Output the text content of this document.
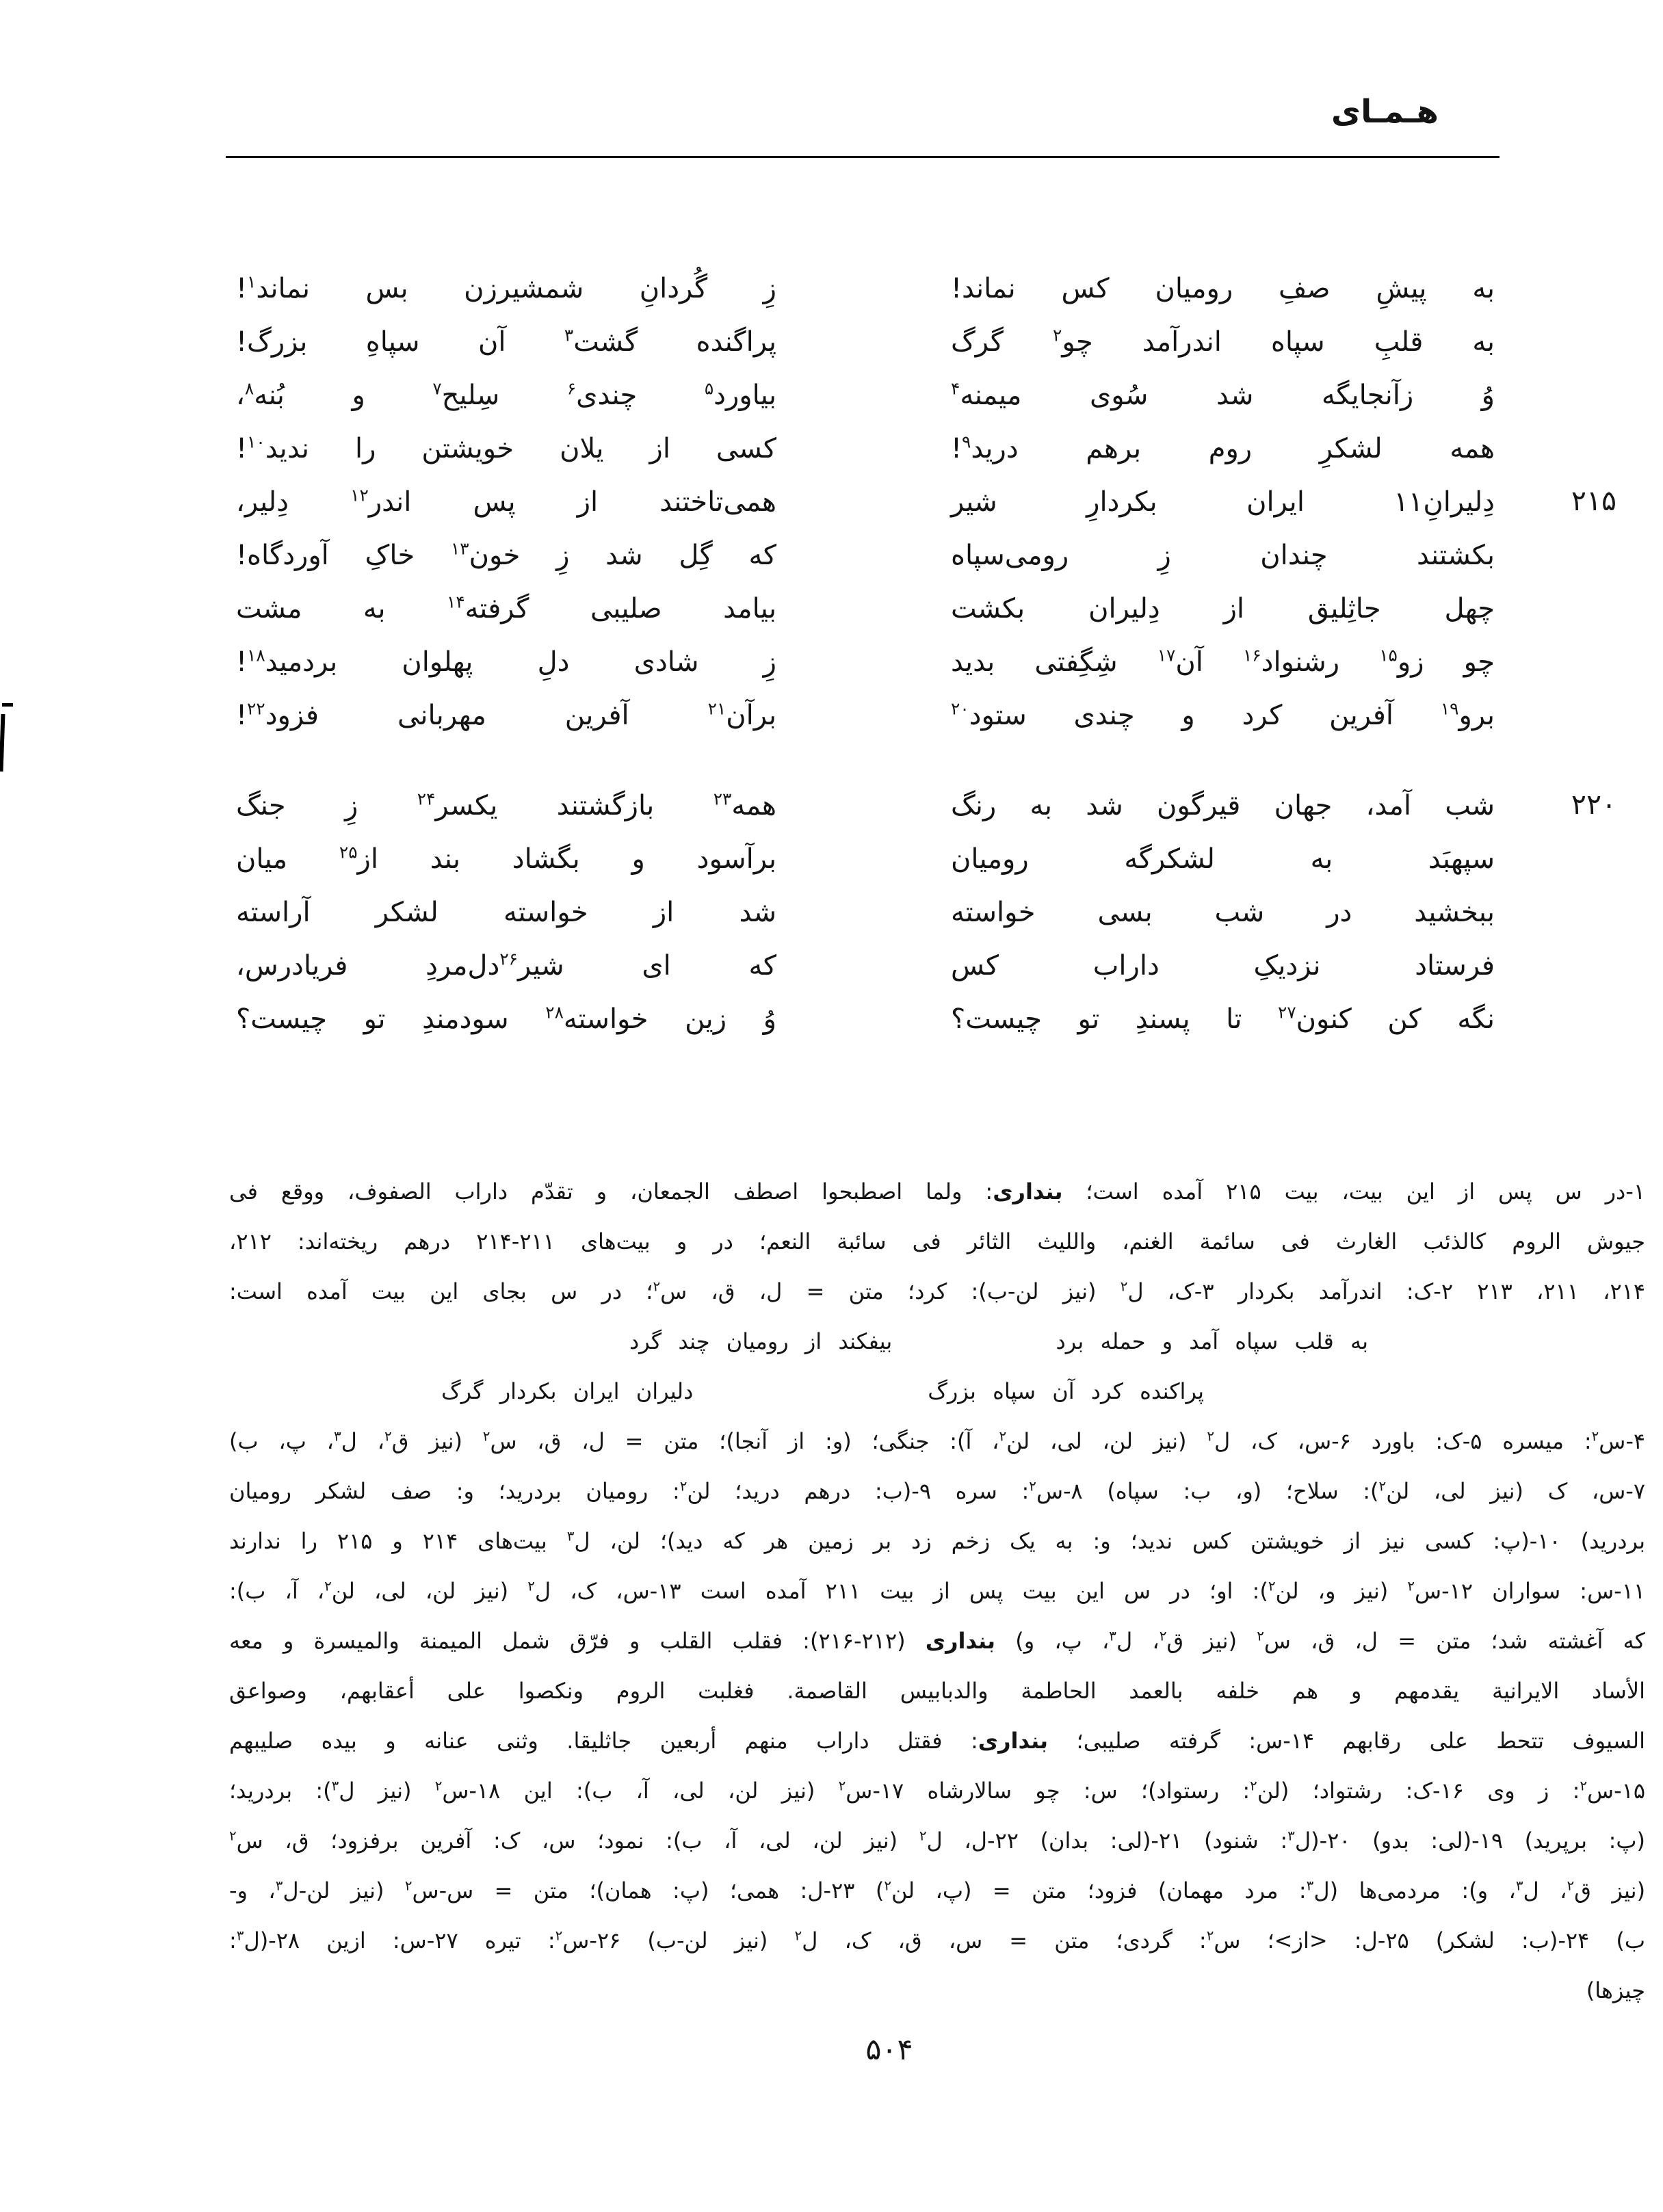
هـمـای
به پیشِ صفِ رومیان کس نماند!
زِ گُردانِ شمشیرزن بس نماند$^۱$!
به قلبِ سپاه اندرآمد چو$^۲$ گرگ
پراگنده گشت$^۳$ آن سپاهِ بزرگ!
وُ زآنجایگه شد سُوی میمنه$^۴$
بیاورد$^۵$ چندی$^۶$ سِلیح$^۷$ و بُنه$^۸$،
همه لشکرِ روم برهم درید$^۹$!
کسی از یلان خویشتن را ندید$^{۱۰}$!
۲۱۵
دِلیرانِ۱۱ ایران بکردارِ شیر
همی‌تاختند از پس اندر$^{۱۲}$ دِلیر،
بکشتند چندان زِ رومی‌سپاه
که گِل شد زِ خون$^{۱۳}$ خاکِ آوردگاه!
چهل جاثِلیق از دِلیران بکشت
بیامد صلیبی گرفته$^{۱۴}$ به مشت
چو زو$^{۱۵}$ رشنواد$^{۱۶}$ آن$^{۱۷}$ شِگِفتی بدید
زِ شادی دلِ پهلوان بردمید$^{۱۸}$!
برو$^{۱۹}$ آفرین کرد و چندی ستود$^{۲۰}$
برآن$^{۲۱}$ آفرین مهربانی فزود$^{۲۲}$!
۲۲۰
شب آمد، جهان قیرگون شد به رنگ
همه$^{۲۳}$ بازگشتند یکسر$^{۲۴}$ زِ جنگ
سپهبَد به لشکرگه رومیان
برآسود و بگشاد بند از$^{۲۵}$ میان
ببخشید در شب بسی خواسته
شد از خواسته لشکر آراسته
فرستاد نزدیکِ داراب کس
که ای شیر$^{۲۶}$دل‌مردِ فریادرس،
نگه کن کنون$^{۲۷}$ تا پسندِ تو چیست؟
وُ زین خواسته$^{۲۸}$ سودمندِ تو چیست؟
۱-در س پس از این بیت، بیت ۲۱۵ آمده است؛ بنداری: ولما اصطبحوا اصطف الجمعان، و تقدّم داراب الصفوف، ووقع فی
جیوش الروم کالذئب الغارث فی سائمة الغنم، واللیث الثائر فی سائبة النعم؛ در و بیت‌های ۲۱۱-۲۱۴ درهم ریخته‌اند: ۲۱۲،
۲۱۴، ۲۱۱، ۲۱۳ ۲-ک: اندرآمد بکردار ۳-ک، ل$^۲$ (نیز لن-ب): کرد؛ متن = ل، ق، س$^۲$؛ در س بجای این بیت آمده است:
به قلب سپاه آمد و حمله برد
بیفکند از رومیان چند گرد
پراکنده کرد آن سپاه بزرگ
دلیران ایران بکردار گرگ
۴-س$^۲$: میسره ۵-ک: باورد ۶-س، ک، ل$^۲$ (نیز لن، لی، لن$^۲$، آ): جنگی؛ (و: از آنجا)؛ متن = ل، ق، س$^۲$ (نیز ق$^۲$، ل$^۳$، پ، ب)
۷-س، ک (نیز لی، لن$^۲$): سلاح؛ (و، ب: سپاه) ۸-س$^۲$: سره ۹-(ب: درهم درید؛ لن$^۲$: رومیان بردرید؛ و: صف لشکر رومیان
بردرید) ۱۰-(پ: کسی نیز از خویشتن کس ندید؛ و: به یک زخم زد بر زمین هر که دید)؛ لن، ل$^۳$ بیت‌های ۲۱۴ و ۲۱۵ را ندارند
۱۱-س: سواران ۱۲-س$^۲$ (نیز و، لن$^۲$): او؛ در س این بیت پس از بیت ۲۱۱ آمده است ۱۳-س، ک، ل$^۲$ (نیز لن، لی، لن$^۲$، آ، ب):
که آغشته شد؛ متن = ل، ق، س$^۲$ (نیز ق$^۲$، ل$^۳$، پ، و) بنداری (۲۱۲-۲۱۶): فقلب القلب و فرّق شمل المیمنة والمیسرة و معه
الأساد الایرانیة یقدمهم و هم خلفه بالعمد الحاطمة والدبابیس القاصمة. فغلبت الروم ونکصوا علی أعقابهم، وصواعق
السیوف تتحط علی رقابهم ۱۴-س: گرفته صلیبی؛ بنداری: فقتل داراب منهم أربعین جاثلیقا. وثنی عنانه و بیده صلیبهم
۱۵-س$^۲$: ز وی ۱۶-ک: رشتواد؛ (لن$^۲$: رستواد)؛ س: چو سالارشاه ۱۷-س$^۲$ (نیز لن، لی، آ، ب): این ۱۸-س$^۲$ (نیز ل$^۳$): بردرید؛
(پ: برپرید) ۱۹-(لی: بدو) ۲۰-(ل$^۳$: شنود) ۲۱-(لی: بدان) ۲۲-ل، ل$^۲$ (نیز لن، لی، آ، ب): نمود؛ س، ک: آفرین برفزود؛ ق، س$^۲$
(نیز ق$^۲$، ل$^۳$، و): مردمی‌ها (ل$^۳$: مرد مهمان) فزود؛ متن = (پ، لن$^۲$) ۲۳-ل: همی؛ (پ: همان)؛ متن = س-س$^۲$ (نیز لن-ل$^۳$، و-
ب) ۲۴-(ب: لشکر) ۲۵-ل: <از>؛ س$^۲$: گردی؛ متن = س، ق، ک، ل$^۲$ (نیز لن-ب) ۲۶-س$^۲$: تیره ۲۷-س: ازین ۲۸-(ل$^۳$:
چیزها)
۵۰۴
